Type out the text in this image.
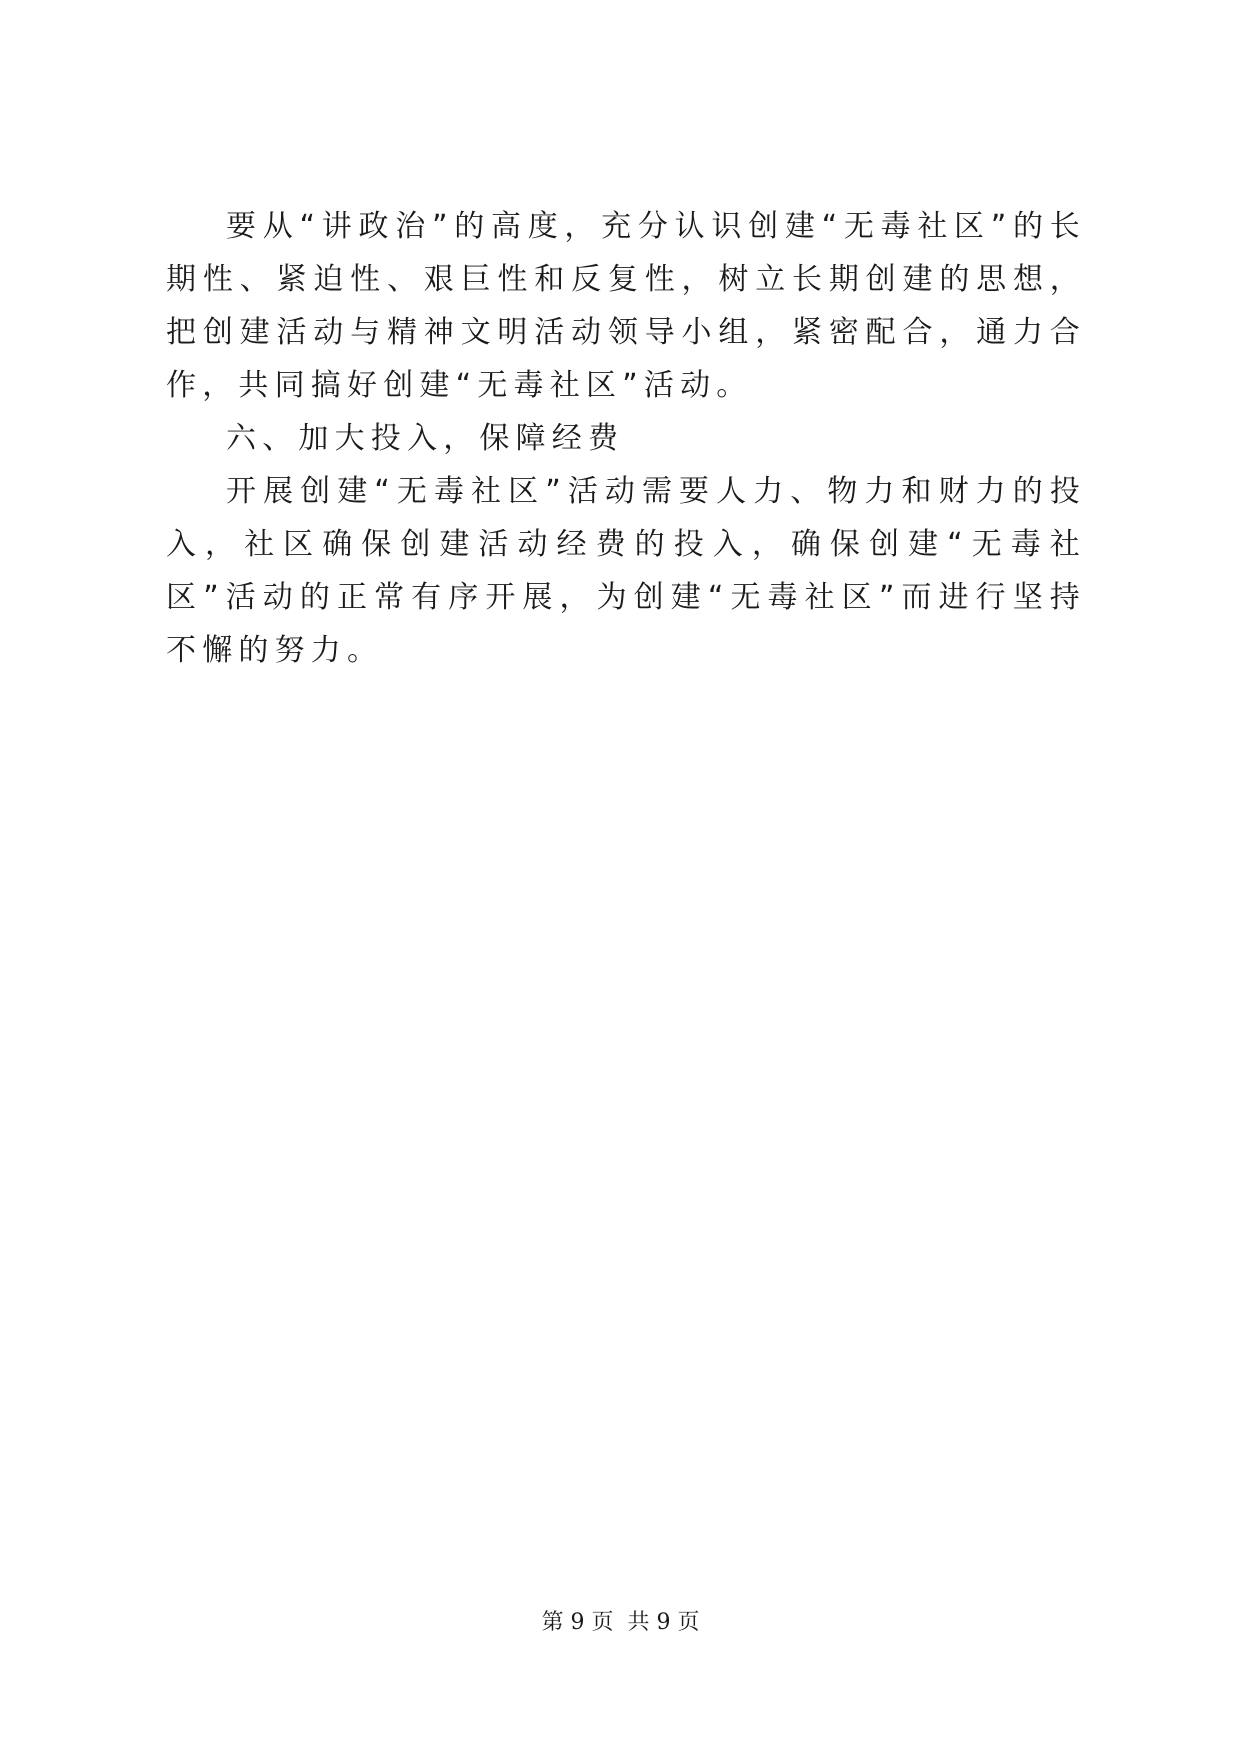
要从“讲政治”的高度，充分认识创建“无毒社区”的长期性、紧迫性、艰巨性和反复性，树立长期创建的思想，把创建活动与精神文明活动领导小组，紧密配合，通力合作，共同搞好创建“无毒社区”活动。

六、加大投入，保障经费

开展创建“无毒社区”活动需要人力、物力和财力的投入，社区确保创建活动经费的投入，确保创建“无毒社区”活动的正常有序开展，为创建“无毒社区”而进行坚持不懈的努力。

第 9 页  共 9 页
